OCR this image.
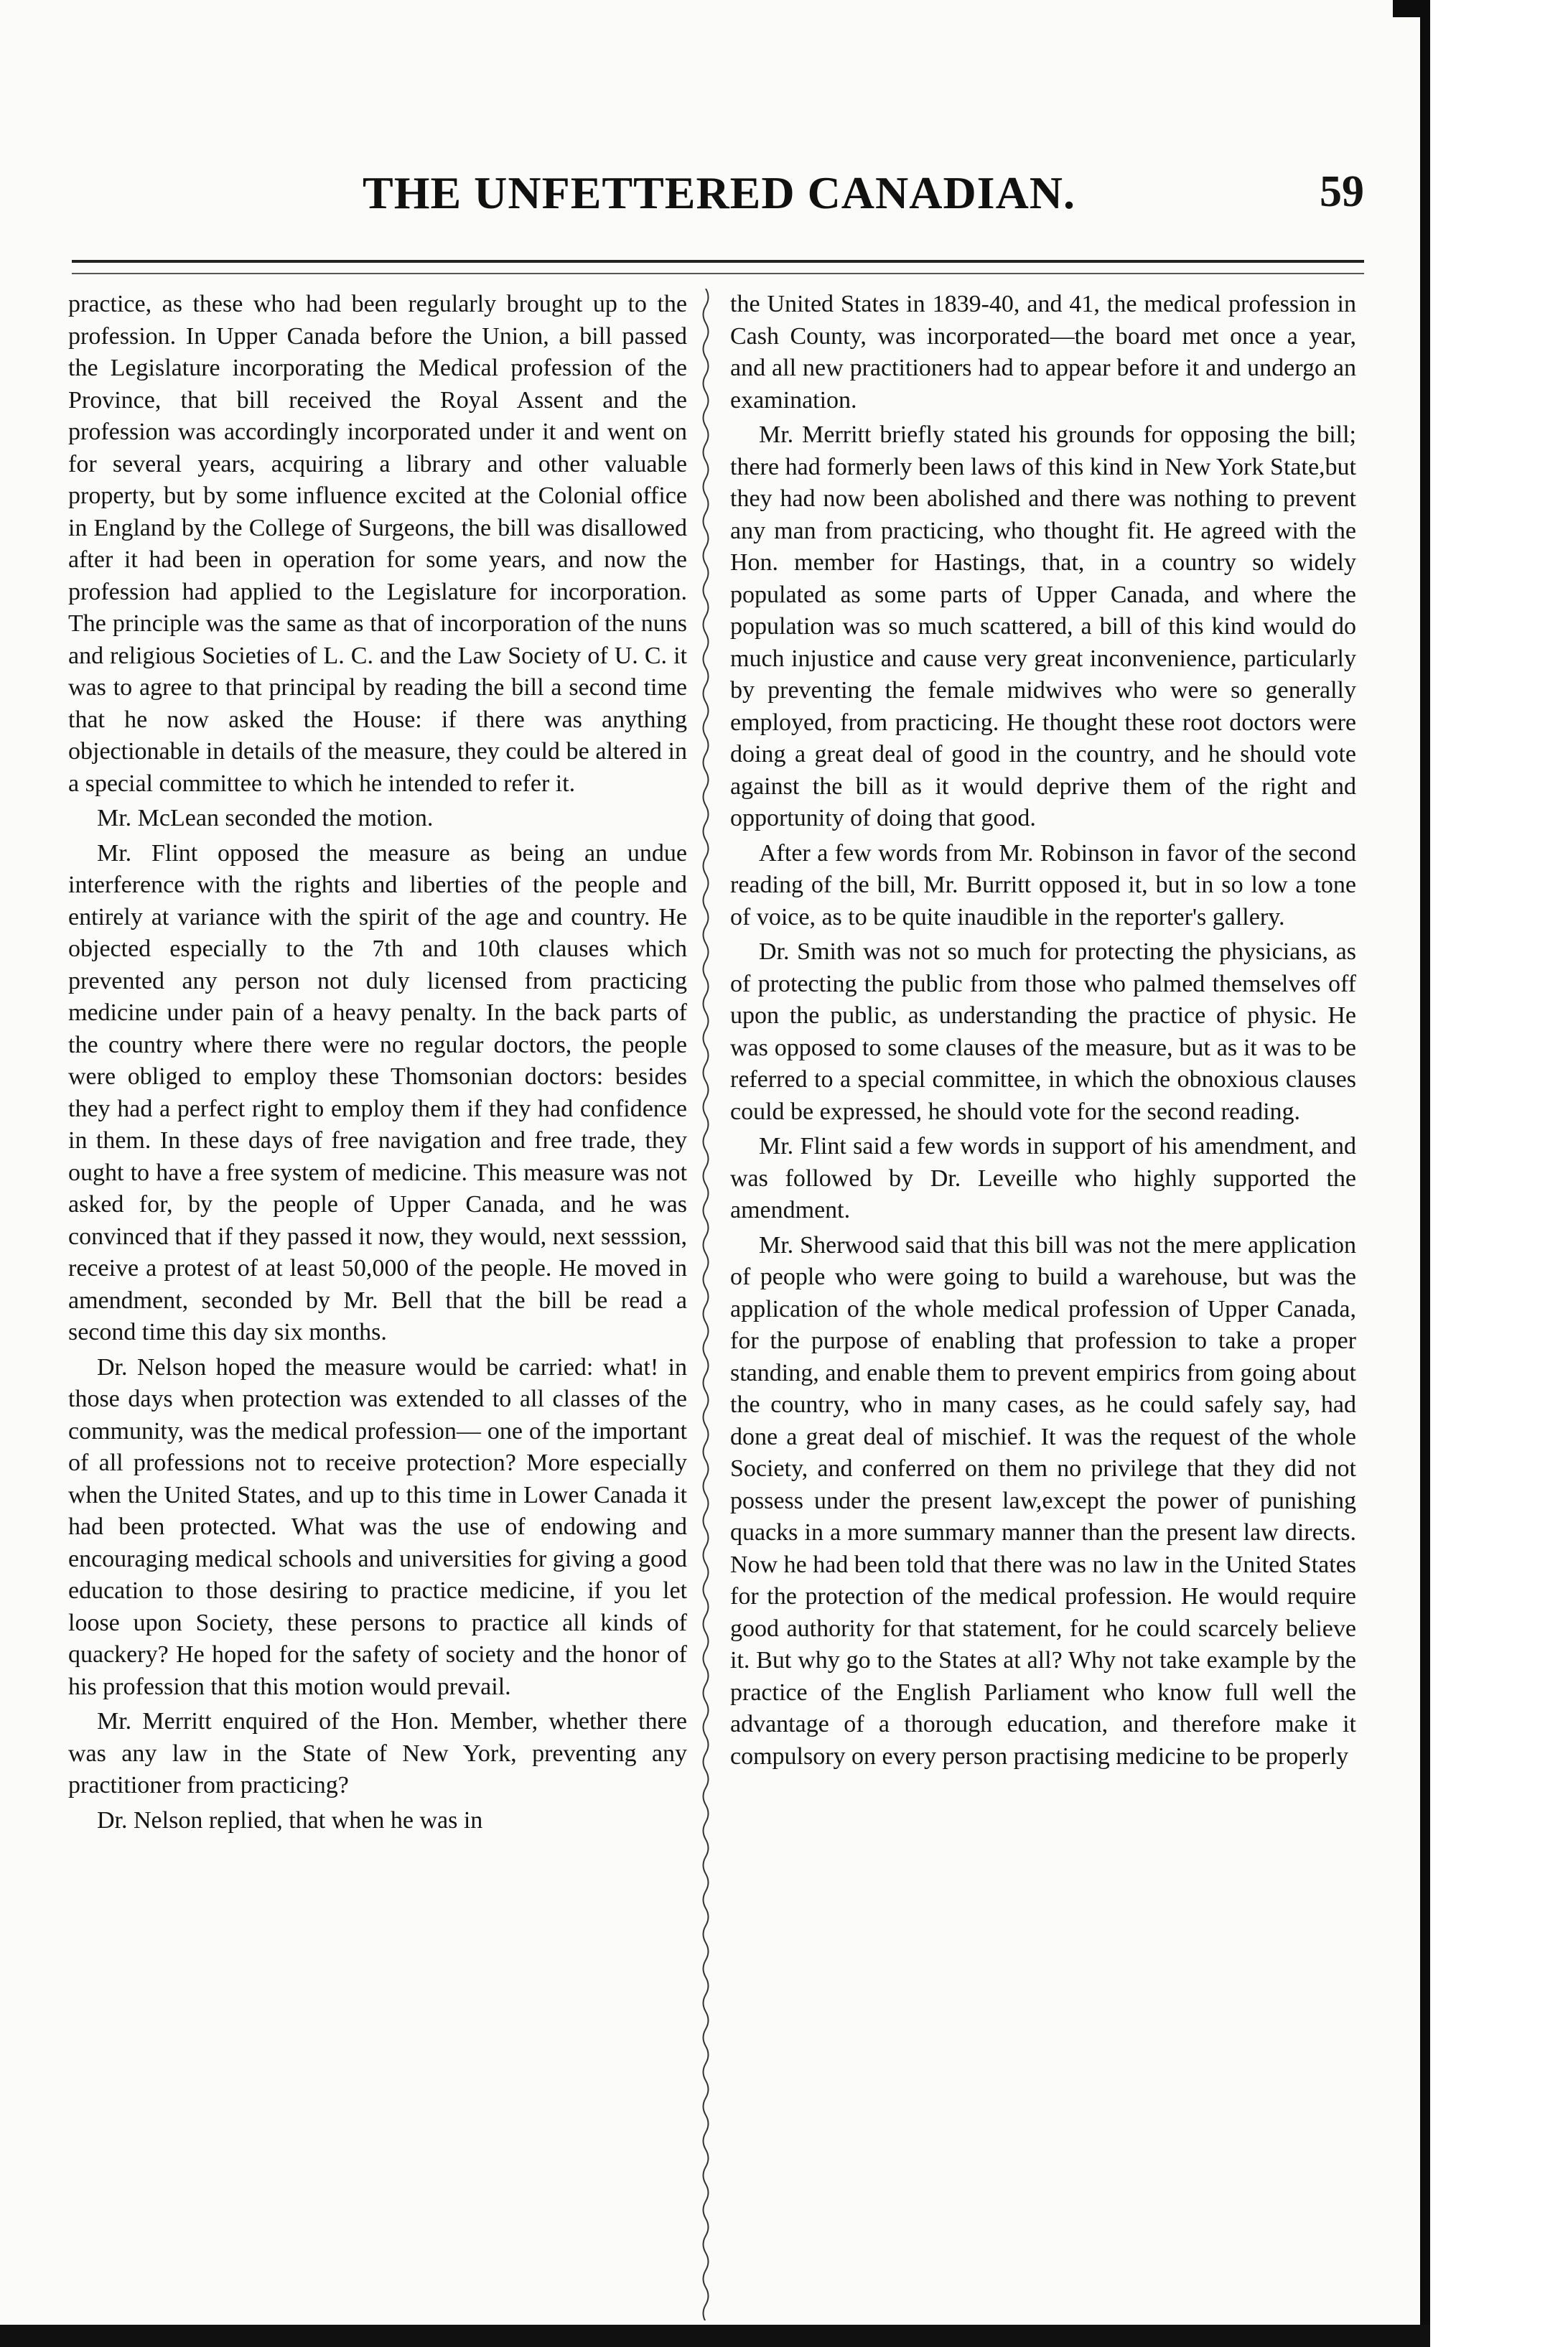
THE UNFETTERED CANADIAN.	59

practice, as these who had been regularly brought up to the profession. In Upper Canada before the Union, a bill passed the Legislature incorporating the Medical profession of the Province, that bill received the Royal Assent and the profession was accordingly incorporated under it and went on for several years, acquiring a library and other valuable property, but by some influence excited at the Colonial office in England by the College of Surgeons, the bill was disallowed after it had been in operation for some years, and now the profession had applied to the Legislature for incorporation. The principle was the same as that of incorporation of the nuns and religious Societies of L. C. and the Law Society of U. C. it was to agree to that principal by reading the bill a second time that he now asked the House: if there was anything objectionable in details of the measure, they could be altered in a special committee to which he intended to refer it.

Mr. McLean seconded the motion.

Mr. Flint opposed the measure as being an undue interference with the rights and liberties of the people and entirely at variance with the spirit of the age and country. He objected especially to the 7th and 10th clauses which prevented any person not duly licensed from practicing medicine under pain of a heavy penalty. In the back parts of the country where there were no regular doctors, the people were obliged to employ these Thomsonian doctors: besides they had a perfect right to employ them if they had confidence in them. In these days of free navigation and free trade, they ought to have a free system of medicine. This measure was not asked for, by the people of Upper Canada, and he was convinced that if they passed it now, they would, next sesssion, receive a protest of at least 50,000 of the people. He moved in amendment, seconded by Mr. Bell that the bill be read a second time this day six months.

Dr. Nelson hoped the measure would be carried: what! in those days when protection was extended to all classes of the community, was the medical profession— one of the important of all professions not to receive protection? More especially when the United States, and up to this time in Lower Canada it had been protected. What was the use of endowing and encouraging medical schools and universities for giving a good education to those desiring to practice medicine, if you let loose upon Society, these persons to practice all kinds of quackery? He hoped for the safety of society and the honor of his profession that this motion would prevail.

Mr. Merritt enquired of the Hon. Member, whether there was any law in the State of New York, preventing any practitioner from practicing?

Dr. Nelson replied, that when he was in

the United States in 1839-40, and 41, the medical profession in Cash County, was incorporated—the board met once a year, and all new practitioners had to appear before it and undergo an examination.

Mr. Merritt briefly stated his grounds for opposing the bill; there had formerly been laws of this kind in New York State,but they had now been abolished and there was nothing to prevent any man from practicing, who thought fit. He agreed with the Hon. member for Hastings, that, in a country so widely populated as some parts of Upper Canada, and where the population was so much scattered, a bill of this kind would do much injustice and cause very great inconvenience, particularly by preventing the female midwives who were so generally employed, from practicing. He thought these root doctors were doing a great deal of good in the country, and he should vote against the bill as it would deprive them of the right and opportunity of doing that good.

After a few words from Mr. Robinson in favor of the second reading of the bill, Mr. Burritt opposed it, but in so low a tone of voice, as to be quite inaudible in the reporter's gallery.

Dr. Smith was not so much for protecting the physicians, as of protecting the public from those who palmed themselves off upon the public, as understanding the practice of physic. He was opposed to some clauses of the measure, but as it was to be referred to a special committee, in which the obnoxious clauses could be expressed, he should vote for the second reading.

Mr. Flint said a few words in support of his amendment, and was followed by Dr. Leveille who highly supported the amendment.

Mr. Sherwood said that this bill was not the mere application of people who were going to build a warehouse, but was the application of the whole medical profession of Upper Canada, for the purpose of enabling that profession to take a proper standing, and enable them to prevent empirics from going about the country, who in many cases, as he could safely say, had done a great deal of mischief. It was the request of the whole Society, and conferred on them no privilege that they did not possess under the present law,except the power of punishing quacks in a more summary manner than the present law directs. Now he had been told that there was no law in the United States for the protection of the medical profession. He would require good authority for that statement, for he could scarcely believe it. But why go to the States at all? Why not take example by the practice of the English Parliament who know full well the advantage of a thorough education, and therefore make it compulsory on every person practising medicine to be properly
